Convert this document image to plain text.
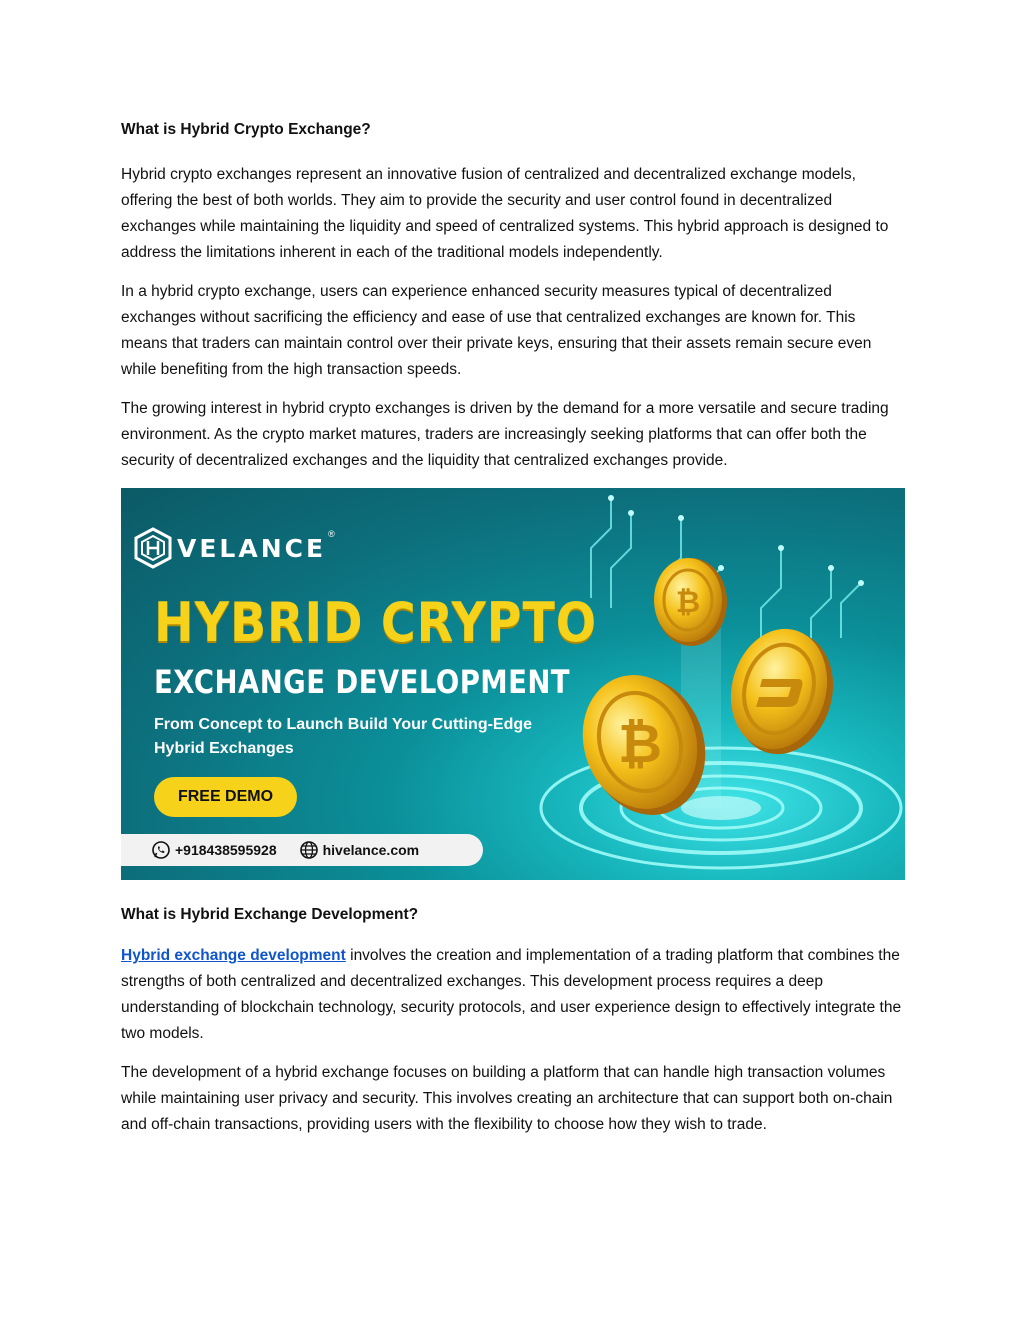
What is Hybrid Crypto Exchange?

Hybrid crypto exchanges represent an innovative fusion of centralized and decentralized exchange models, offering the best of both worlds. They aim to provide the security and user control found in decentralized exchanges while maintaining the liquidity and speed of centralized systems. This hybrid approach is designed to address the limitations inherent in each of the traditional models independently.

In a hybrid crypto exchange, users can experience enhanced security measures typical of decentralized exchanges without sacrificing the efficiency and ease of use that centralized exchanges are known for. This means that traders can maintain control over their private keys, ensuring that their assets remain secure even while benefiting from the high transaction speeds.

The growing interest in hybrid crypto exchanges is driven by the demand for a more versatile and secure trading environment. As the crypto market matures, traders are increasingly seeking platforms that can offer both the security of decentralized exchanges and the liquidity that centralized exchanges provide.

VELANCE ®
HYBRID CRYPTO
EXCHANGE DEVELOPMENT
From Concept to Launch Build Your Cutting-Edge Hybrid Exchanges
FREE DEMO
+918438595928	hivelance.com
₿
₿
What is Hybrid Exchange Development?

Hybrid exchange development involves the creation and implementation of a trading platform that combines the strengths of both centralized and decentralized exchanges. This development process requires a deep understanding of blockchain technology, security protocols, and user experience design to effectively integrate the two models.

The development of a hybrid exchange focuses on building a platform that can handle high transaction volumes while maintaining user privacy and security. This involves creating an architecture that can support both on-chain and off-chain transactions, providing users with the flexibility to choose how they wish to trade.
